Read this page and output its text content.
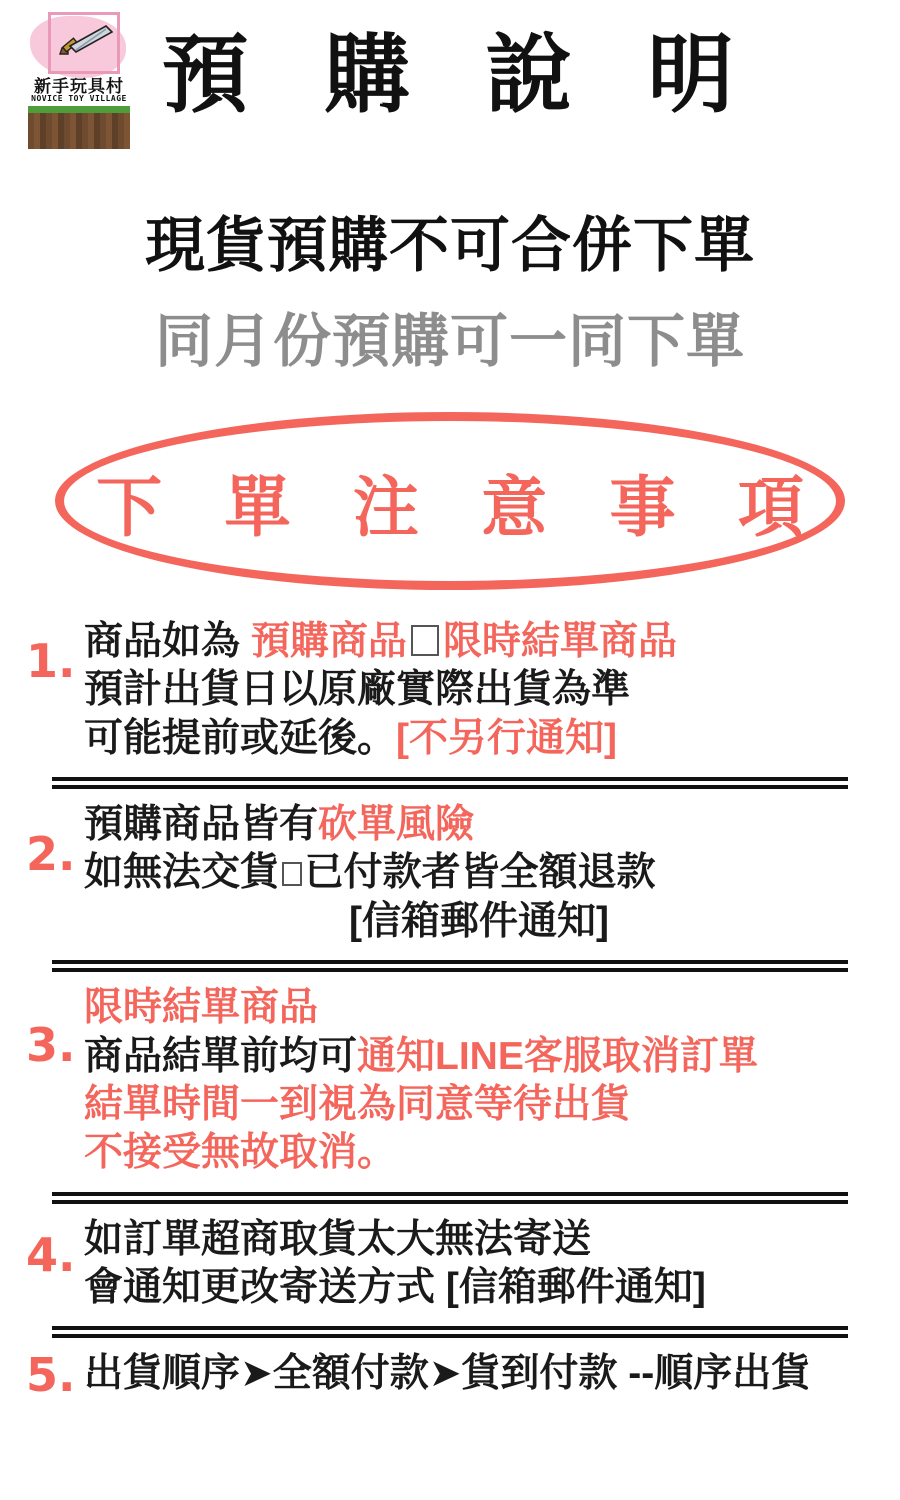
新手玩具村
NOVICE TOY VILLAGE 預 購 說 明
現貨預購不可合併下單
同月份預購可一同下單
下 單 注 意 事 項
1. 商品如為 預購商品 限時結單商品
預計出貨日以原廠實際出貨為準
可能提前或延後。[不另行通知]
2.
預購商品皆有砍單風險
如無法交貨 已付款者皆全額退款
[信箱郵件通知]
3.
限時結單商品
商品結單前均可通知LINE客服取消訂單
結單時間一到視為同意等待出貨
不接受無故取消。
4. 如訂單超商取貨太大無法寄送
會通知更改寄送方式 [信箱郵件通知]
5. 出貨順序➤全額付款➤貨到付款 --順序出貨
